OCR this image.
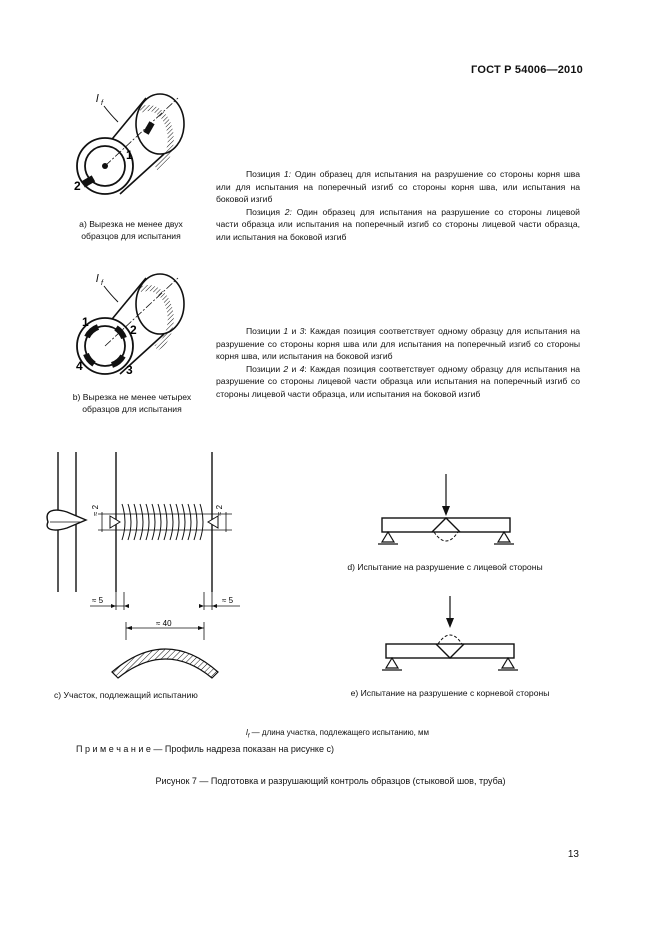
ГОСТ Р 54006—2010
l f
1
2
а) Вырезка не менее двух
образцов для испытания

Позиция 1: Один образец для испытания на разрушение со стороны корня шва или для испытания на поперечный изгиб со стороны корня шва, или испытания на боковой изгиб

Позиция 2: Один образец для испытания на разрушение со стороны лицевой части образца или испытания на поперечный изгиб со стороны лицевой части образца, или испытания на боковой изгиб

l f
1
2
3
4
b) Вырезка не менее четырех
образцов для испытания

Позиции 1 и 3: Каждая позиция соответствует одному образцу для испытания на разрушение со стороны корня шва или для испытания на поперечный изгиб со стороны корня шва, или испытания на боковой изгиб

Позиции 2 и 4: Каждая позиция соответствует одному образцу для испытания на разрушение со стороны лицевой части образца или испытания на поперечный изгиб со стороны лицевой части образца, или испытания на боковой изгиб

≈ 2	≈ 2
≈ 5	≈ 5
≈ 40
с) Участок, подлежащий испытанию
d) Испытание на разрушение с лицевой стороны
е) Испытание на разрушение с корневой стороны
$l_f$ — длина участка, подлежащего испытанию, мм
П р и м е ч а н и е — Профиль надреза показан на рисунке с)
Рисунок 7 — Подготовка и разрушающий контроль образцов (стыковой шов, труба)
13
